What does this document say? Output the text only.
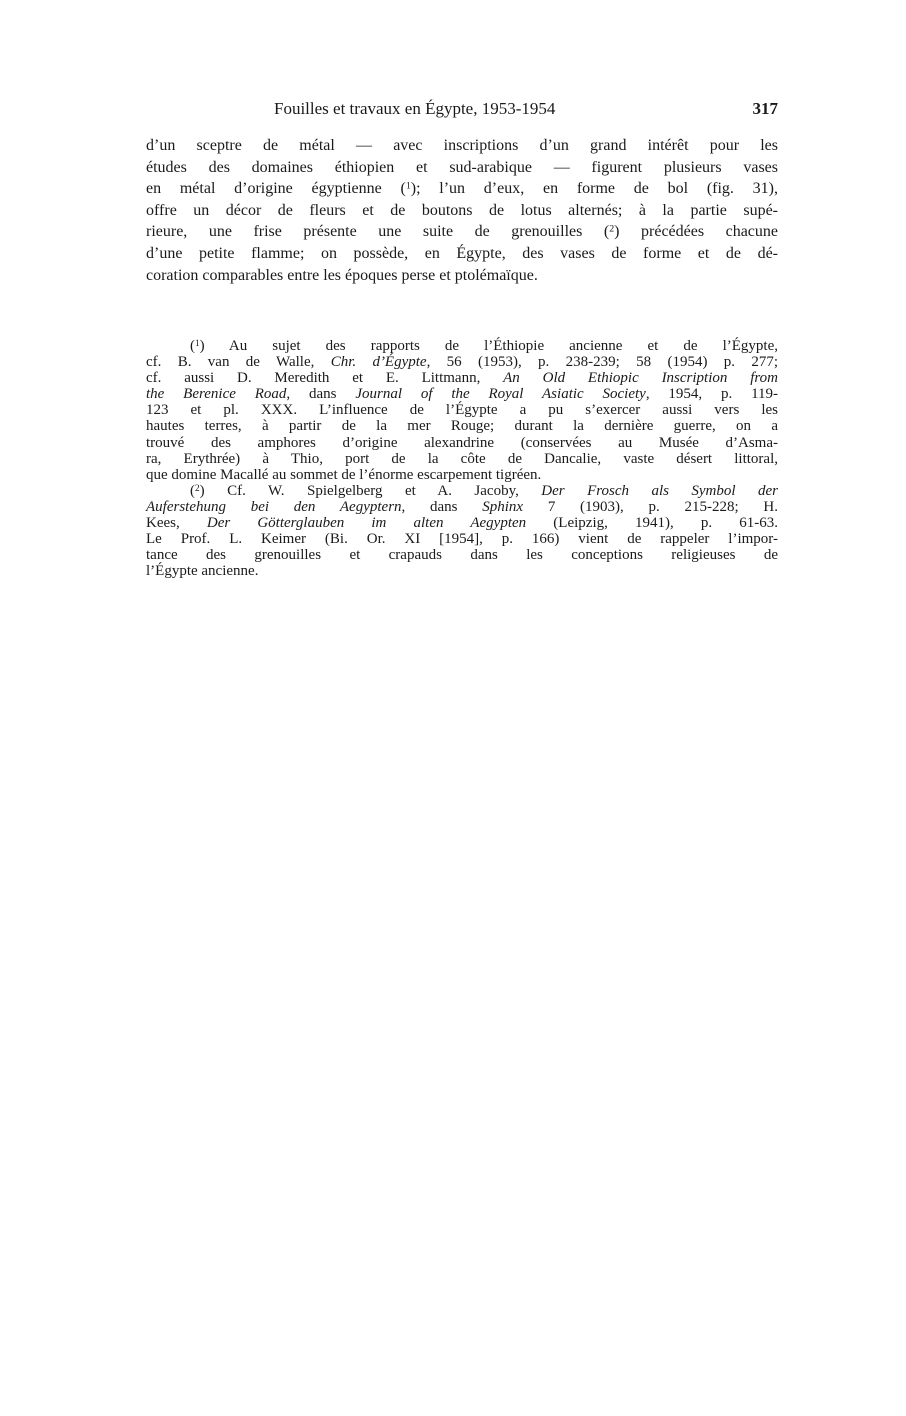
Fouilles et travaux en Égypte, 1953-1954	317
d’un sceptre de métal — avec inscriptions d’un grand intérêt pour les
études des domaines éthiopien et sud-arabique — figurent plusieurs vases
en métal d’origine égyptienne ($^1$); l’un d’eux, en forme de bol (fig. 31),
offre un décor de fleurs et de boutons de lotus alternés; à la partie supé-
rieure, une frise présente une suite de grenouilles ($^2$) précédées chacune
d’une petite flamme; on possède, en Égypte, des vases de forme et de dé-
coration comparables entre les époques perse et ptolémaïque.
($^1$) Au sujet des rapports de l’Éthiopie ancienne et de l’Égypte,
cf. B. van de Walle, Chr. d’Égypte, 56 (1953), p. 238-239; 58 (1954) p. 277;
cf. aussi D. Meredith et E. Littmann, An Old Ethiopic Inscription from
the Berenice Road, dans Journal of the Royal Asiatic Society, 1954, p. 119-
123 et pl. XXX. L’influence de l’Égypte a pu s’exercer aussi vers les
hautes terres, à partir de la mer Rouge; durant la dernière guerre, on a
trouvé des amphores d’origine alexandrine (conservées au Musée d’Asma-
ra, Erythrée) à Thio, port de la côte de Dancalie, vaste désert littoral,
que domine Macallé au sommet de l’énorme escarpement tigréen.
($^2$) Cf. W. Spielgelberg et A. Jacoby, Der Frosch als Symbol der
Auferstehung bei den Aegyptern, dans Sphinx 7 (1903), p. 215-228; H.
Kees, Der Götterglauben im alten Aegypten (Leipzig, 1941), p. 61-63.
Le Prof. L. Keimer (Bi. Or. XI [1954], p. 166) vient de rappeler l’impor-
tance des grenouilles et crapauds dans les conceptions religieuses de
l’Égypte ancienne.
